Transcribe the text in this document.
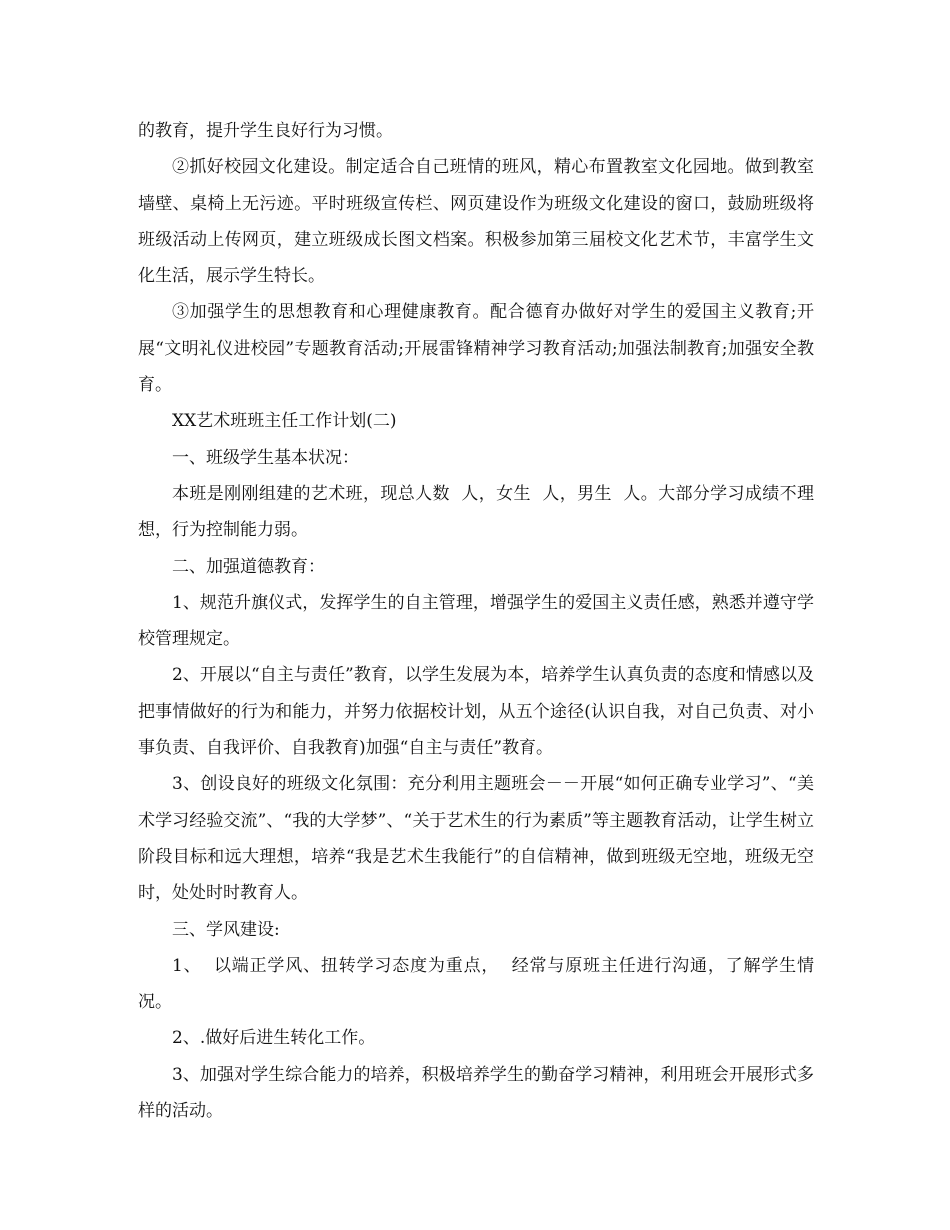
的教育，提升学生良好行为习惯。

②抓好校园文化建设。制定适合自己班情的班风，精心布置教室文化园地。做到教室墙壁、桌椅上无污迹。平时班级宣传栏、网页建设作为班级文化建设的窗口，鼓励班级将班级活动上传网页，建立班级成长图文档案。积极参加第三届校文化艺术节，丰富学生文化生活，展示学生特长。

③加强学生的思想教育和心理健康教育。配合德育办做好对学生的爱国主义教育;开展“文明礼仪进校园”专题教育活动;开展雷锋精神学习教育活动;加强法制教育;加强安全教育。

XX艺术班班主任工作计划(二)

一、班级学生基本状况：

本班是刚刚组建的艺术班，现总人数  人，女生  人，男生  人。大部分学习成绩不理想，行为控制能力弱。

二、加强道德教育：

1、规范升旗仪式，发挥学生的自主管理，增强学生的爱国主义责任感，熟悉并遵守学校管理规定。

2、开展以“自主与责任”教育，以学生发展为本，培养学生认真负责的态度和情感以及把事情做好的行为和能力，并努力依据校计划，从五个途径(认识自我，对自己负责、对小事负责、自我评价、自我教育)加强“自主与责任”教育。

3、创设良好的班级文化氛围：充分利用主题班会－－开展“如何正确专业学习”、“美术学习经验交流”、“我的大学梦”、“关于艺术生的行为素质”等主题教育活动，让学生树立阶段目标和远大理想，培养“我是艺术生我能行”的自信精神，做到班级无空地，班级无空时，处处时时教育人。

三、学风建设:

1、  以端正学风、扭转学习态度为重点，  经常与原班主任进行沟通，了解学生情况。

2、.做好后进生转化工作。

3、加强对学生综合能力的培养，积极培养学生的勤奋学习精神，利用班会开展形式多样的活动。
